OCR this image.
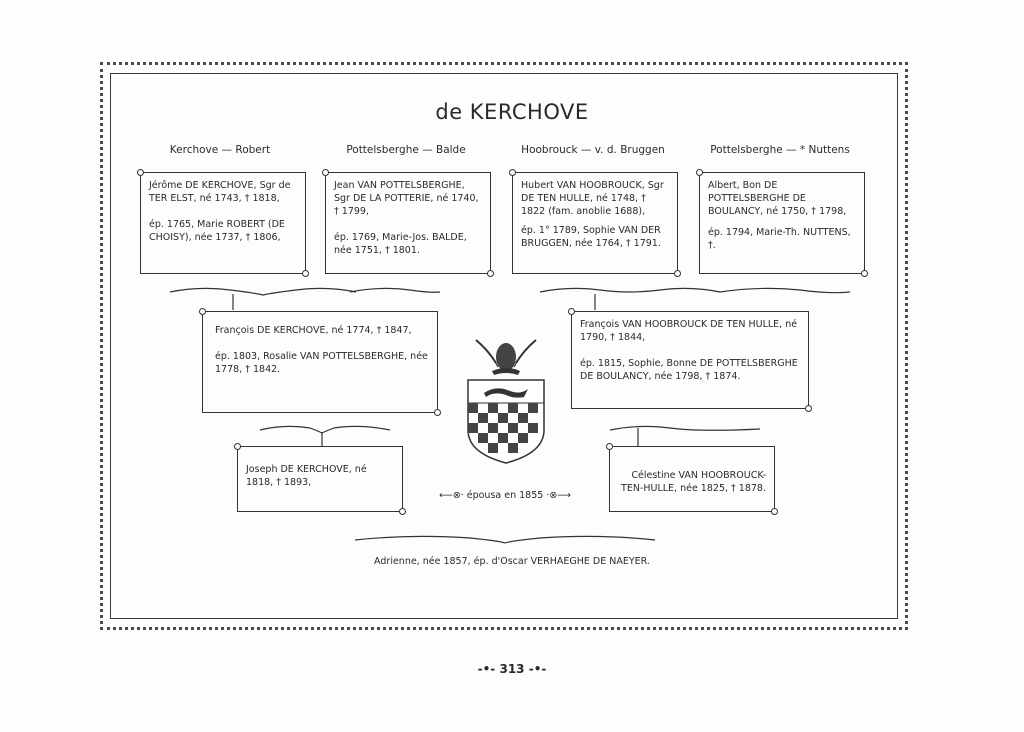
de KERCHOVE
Kerchove — Robert	Pottelsberghe — Balde	Hoobrouck — v. d. Bruggen	Pottelsberghe — * Nuttens

Jérôme DE KERCHOVE, Sgr de TER ELST, né 1743, † 1818,

ép. 1765, Marie ROBERT (DE CHOISY), née 1737, † 1806,

Jean VAN POTTELSBERGHE, Sgr DE LA POTTERIE, né 1740, † 1799,

ép. 1769, Marie-Jos. BALDE, née 1751, † 1801.

Hubert VAN HOOBROUCK, Sgr DE TEN HULLE, né 1748, † 1822 (fam. anoblie 1688),

ép. 1° 1789, Sophie VAN DER BRUGGEN, née 1764, † 1791.

Albert, Bon DE POTTELSBERGHE DE BOULANCY, né 1750, † 1798,

ép. 1794, Marie-Th. NUTTENS, †.

François DE KERCHOVE, né 1774, † 1847,

ép. 1803, Rosalie VAN POTTELSBERGHE, née 1778, † 1842.

François VAN HOOBROUCK DE TEN HULLE, né 1790, † 1844,

ép. 1815, Sophie, Bonne DE POTTELSBERGHE DE BOULANCY, née 1798, † 1874.

Joseph DE KERCHOVE, né 1818, † 1893,

Célestine VAN HOOBROUCK-TEN-HULLE, née 1825, † 1878.

⟵⊗· épousa en 1855 ·⊗⟶
Adrienne, née 1857, ép. d'Oscar VERHAEGHE DE NAEYER.
-•- 313 -•-
